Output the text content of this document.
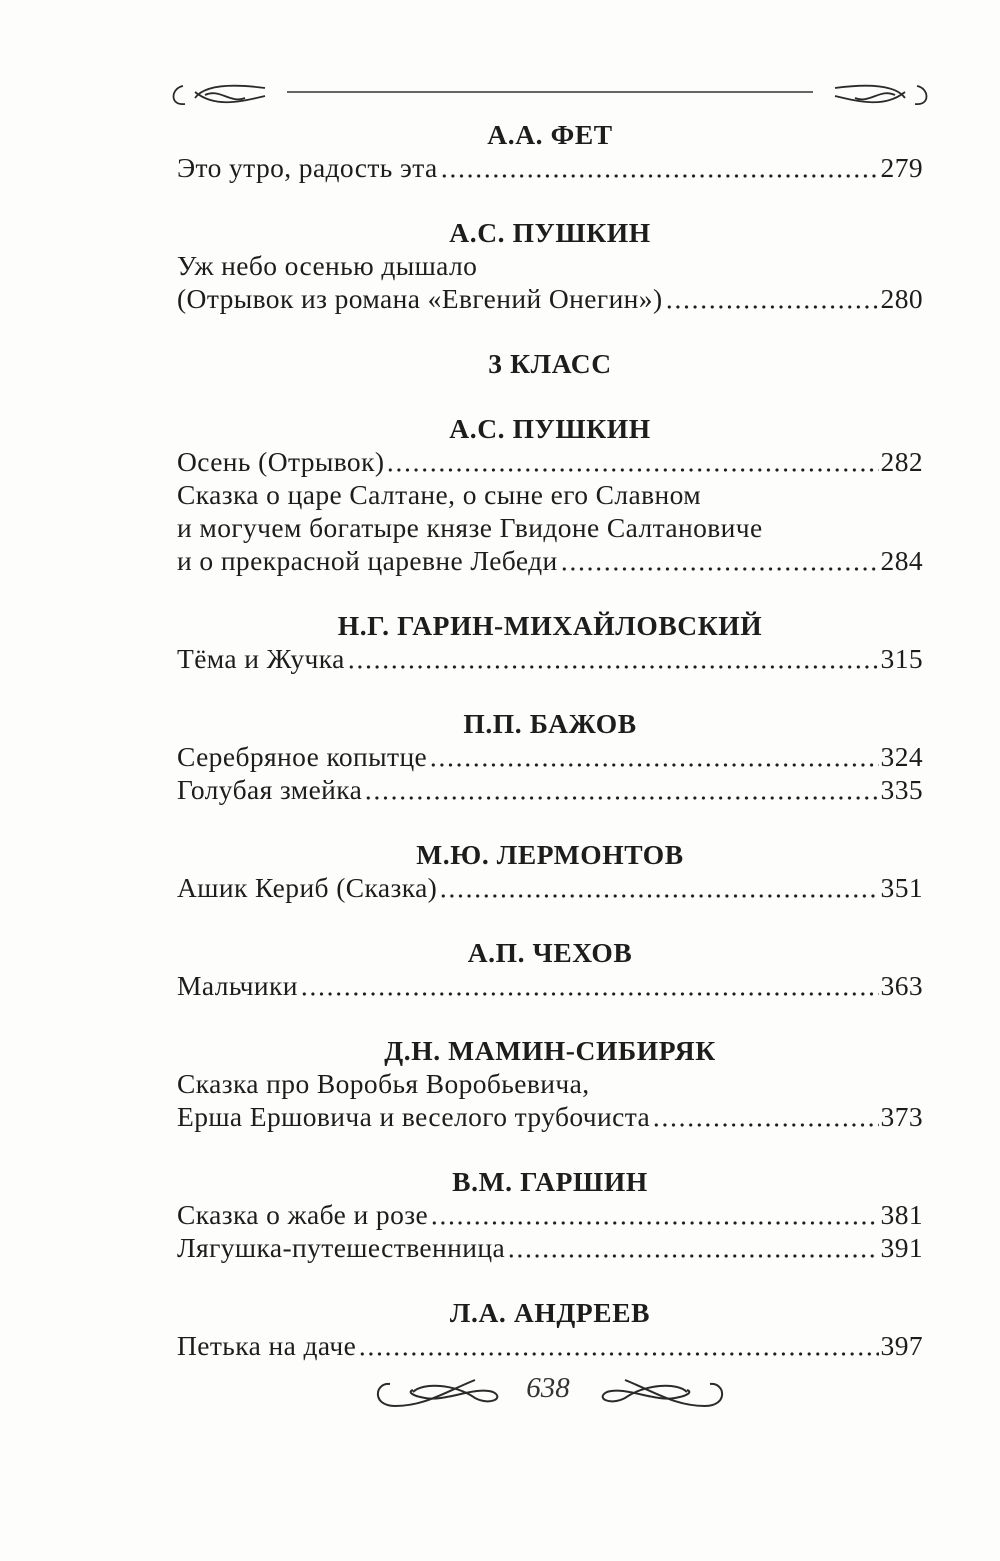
А.А. ФЕТ
Это утро, радость эта	279
А.С. ПУШКИН
Уж небо осенью дышало
(Отрывок из романа «Евгений Онегин»)	280
3 КЛАСС
А.С. ПУШКИН
Осень (Отрывок)	282
Сказка о царе Салтане, о сыне его Славном
и могучем богатыре князе Гвидоне Салтановиче
и о прекрасной царевне Лебеди	284
Н.Г. ГАРИН-МИХАЙЛОВСКИЙ
Тёма и Жучка	315
П.П. БАЖОВ
Серебряное копытце	324
Голубая змейка	335
М.Ю. ЛЕРМОНТОВ
Ашик Кериб (Сказка)	351
А.П. ЧЕХОВ
Мальчики	363
Д.Н. МАМИН-СИБИРЯК
Сказка про Воробья Воробьевича,
Ерша Ершовича и веселого трубочиста	373
В.М. ГАРШИН
Сказка о жабе и розе	381
Лягушка-путешественница	391
Л.А. АНДРЕЕВ
Петька на даче	397
638
